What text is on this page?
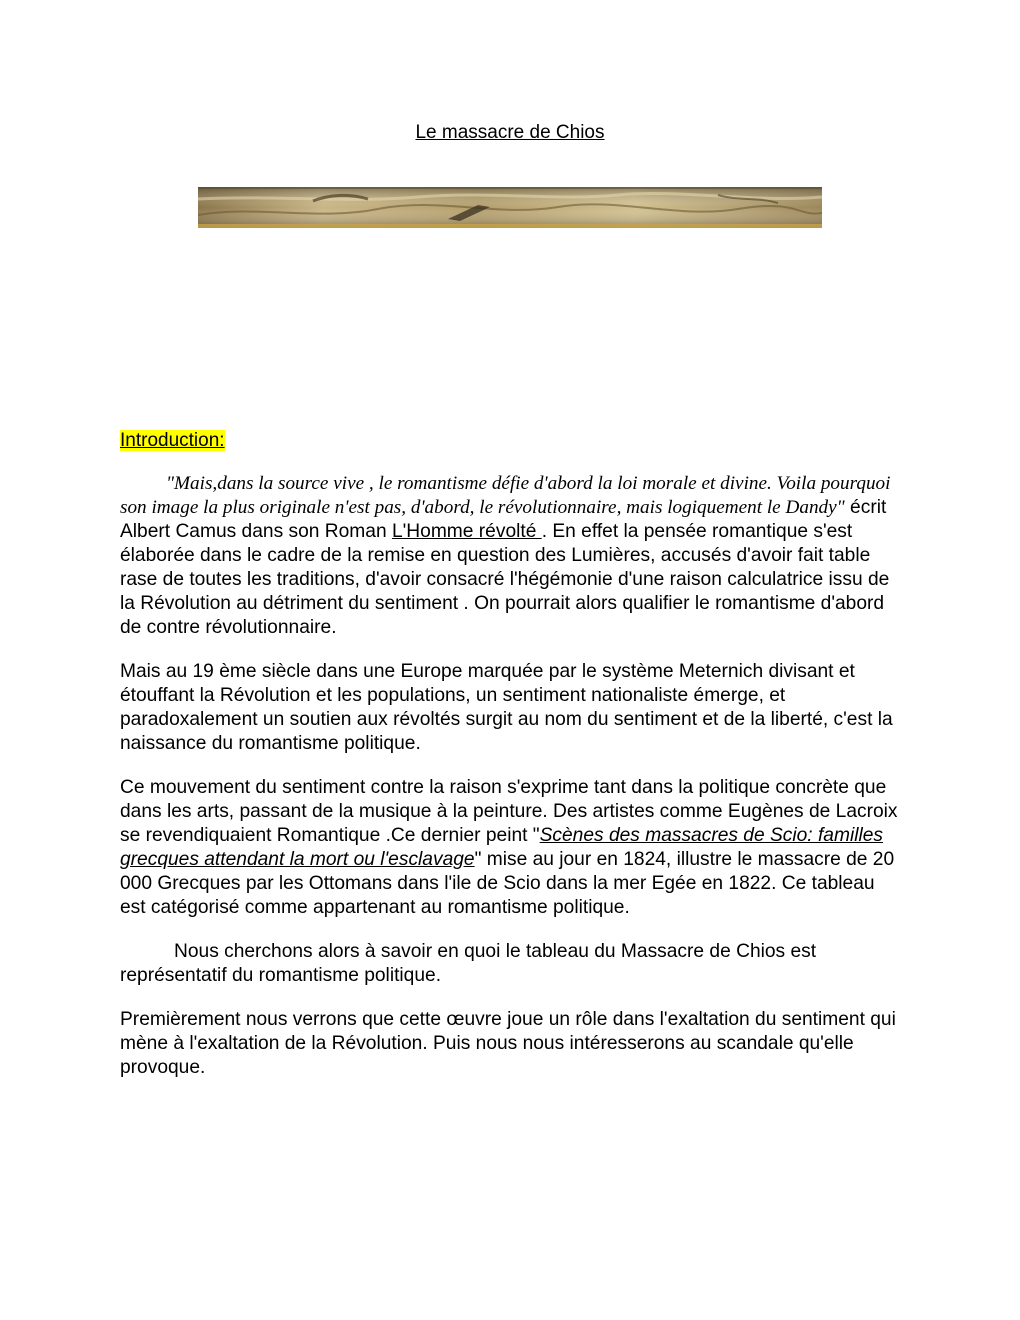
Le massacre de Chios
Introduction:

"Mais,dans la source vive , le romantisme défie d'abord la loi morale et divine. Voila pourquoi son image la plus originale n'est pas, d'abord, le révolutionnaire, mais logiquement le Dandy" écrit Albert Camus dans son Roman L'Homme révolté . En effet la pensée romantique s'est élaborée dans le cadre de la remise en question des Lumières, accusés d'avoir fait table rase de toutes les traditions, d'avoir consacré l'hégémonie d'une raison calculatrice issu de la Révolution au détriment du sentiment . On pourrait alors qualifier le romantisme d'abord de contre révolutionnaire.

Mais au 19 ème siècle dans une Europe marquée par le système Meternich divisant et étouffant la Révolution et les populations, un sentiment nationaliste émerge, et paradoxalement un soutien aux révoltés surgit au nom du sentiment et de la liberté, c'est la naissance du romantisme politique.

Ce mouvement du sentiment contre la raison s'exprime tant dans la politique concrète que dans les arts, passant de la musique à la peinture. Des artistes comme Eugènes de Lacroix se revendiquaient Romantique .Ce dernier peint "Scènes des massacres de Scio: familles grecques attendant la mort ou l'esclavage" mise au jour en 1824, illustre le massacre de 20 000 Grecques par les Ottomans dans l'ile de Scio dans la mer Egée en 1822. Ce tableau est catégorisé comme appartenant au romantisme politique.

Nous cherchons alors à savoir en quoi le tableau du Massacre de Chios est représentatif du romantisme politique.

Premièrement nous verrons que cette œuvre joue un rôle dans l'exaltation du sentiment qui mène à l'exaltation de la Révolution. Puis nous nous intéresserons au scandale qu'elle provoque.
